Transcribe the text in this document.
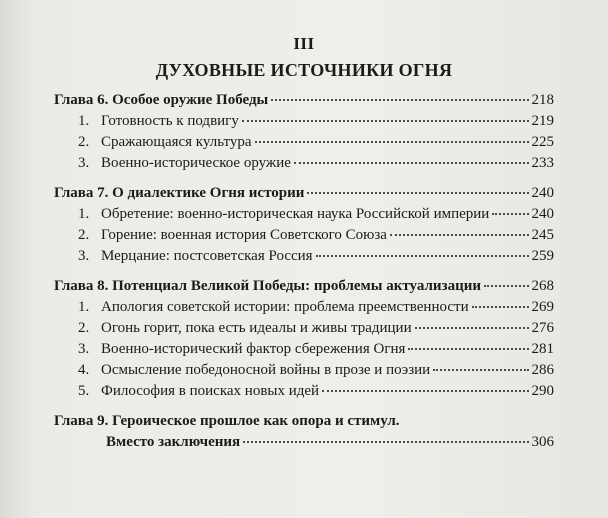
III
ДУХОВНЫЕ ИСТОЧНИКИ ОГНЯ
Глава 6. Особое оружие Победы	218
1. Готовность к подвигу	219
2. Сражающаяся культура	225
3. Военно-историческое оружие	233
Глава 7. О диалектике Огня истории	240
1. Обретение: военно-историческая наука Российской империи	240
2. Горение: военная история Советского Союза	245
3. Мерцание: постсоветская Россия	259
Глава 8. Потенциал Великой Победы: проблемы актуализации	268
1. Апология советской истории: проблема преемственности	269
2. Огонь горит, пока есть идеалы и живы традиции	276
3. Военно-исторический фактор сбережения Огня	281
4. Осмысление победоносной войны в прозе и поэзии	286
5. Философия в поисках новых идей	290
Глава 9. Героическое прошлое как опора и стимул.
Вместо заключения	306
